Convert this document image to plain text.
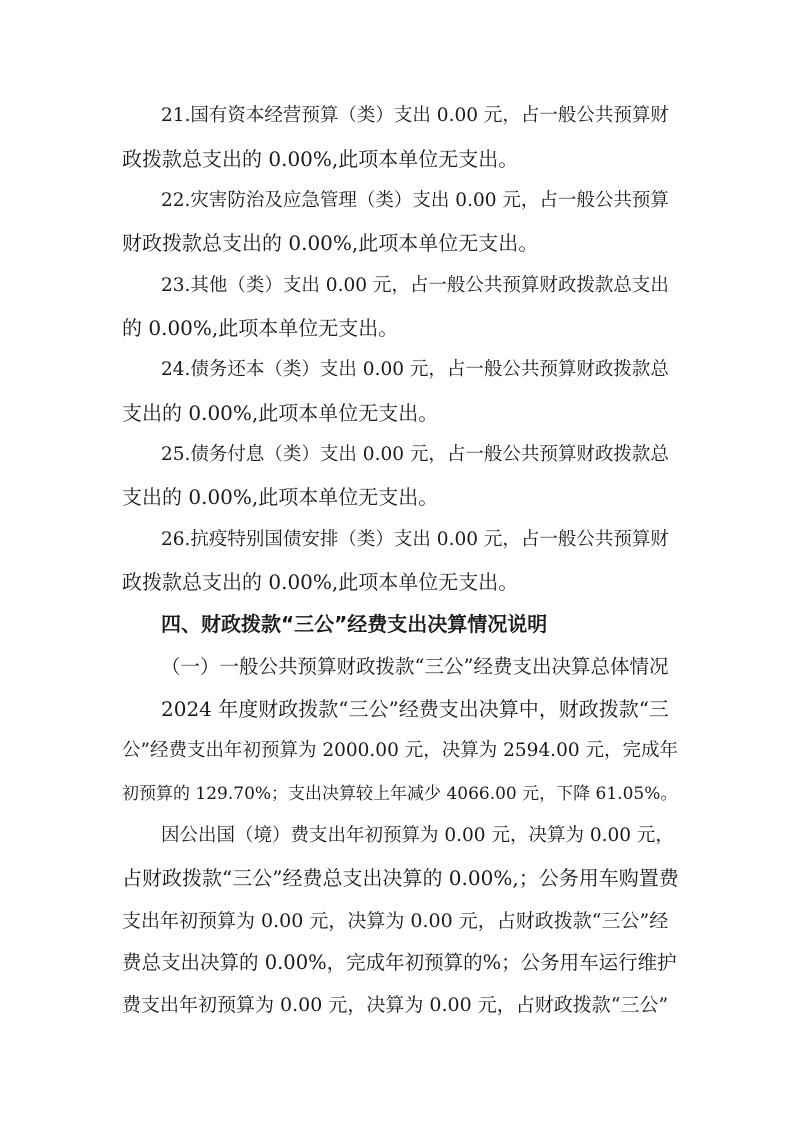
21.国有资本经营预算（类）支出 0.00 元，占一般公共预算财

政拨款总支出的 0.00%,此项本单位无支出。

22.灾害防治及应急管理（类）支出 0.00 元，占一般公共预算

财政拨款总支出的 0.00%,此项本单位无支出。

23.其他（类）支出 0.00 元，占一般公共预算财政拨款总支出

的 0.00%,此项本单位无支出。

24.债务还本（类）支出 0.00 元，占一般公共预算财政拨款总

支出的 0.00%,此项本单位无支出。

25.债务付息（类）支出 0.00 元，占一般公共预算财政拨款总

支出的 0.00%,此项本单位无支出。

26.抗疫特别国债安排（类）支出 0.00 元，占一般公共预算财

政拨款总支出的 0.00%,此项本单位无支出。

四、财政拨款“三公”经费支出决算情况说明

（一）一般公共预算财政拨款“三公”经费支出决算总体情况

2024 年度财政拨款“三公”经费支出决算中，财政拨款“三

公”经费支出年初预算为 2000.00 元，决算为 2594.00 元，完成年

初预算的 129.70%；支出决算较上年减少 4066.00 元，下降 61.05%。

因公出国（境）费支出年初预算为 0.00 元，决算为 0.00 元，

占财政拨款“三公”经费总支出决算的 0.00%,；公务用车购置费

支出年初预算为 0.00 元，决算为 0.00 元，占财政拨款“三公”经

费总支出决算的 0.00%，完成年初预算的%；公务用车运行维护

费支出年初预算为 0.00 元，决算为 0.00 元，占财政拨款“三公”
